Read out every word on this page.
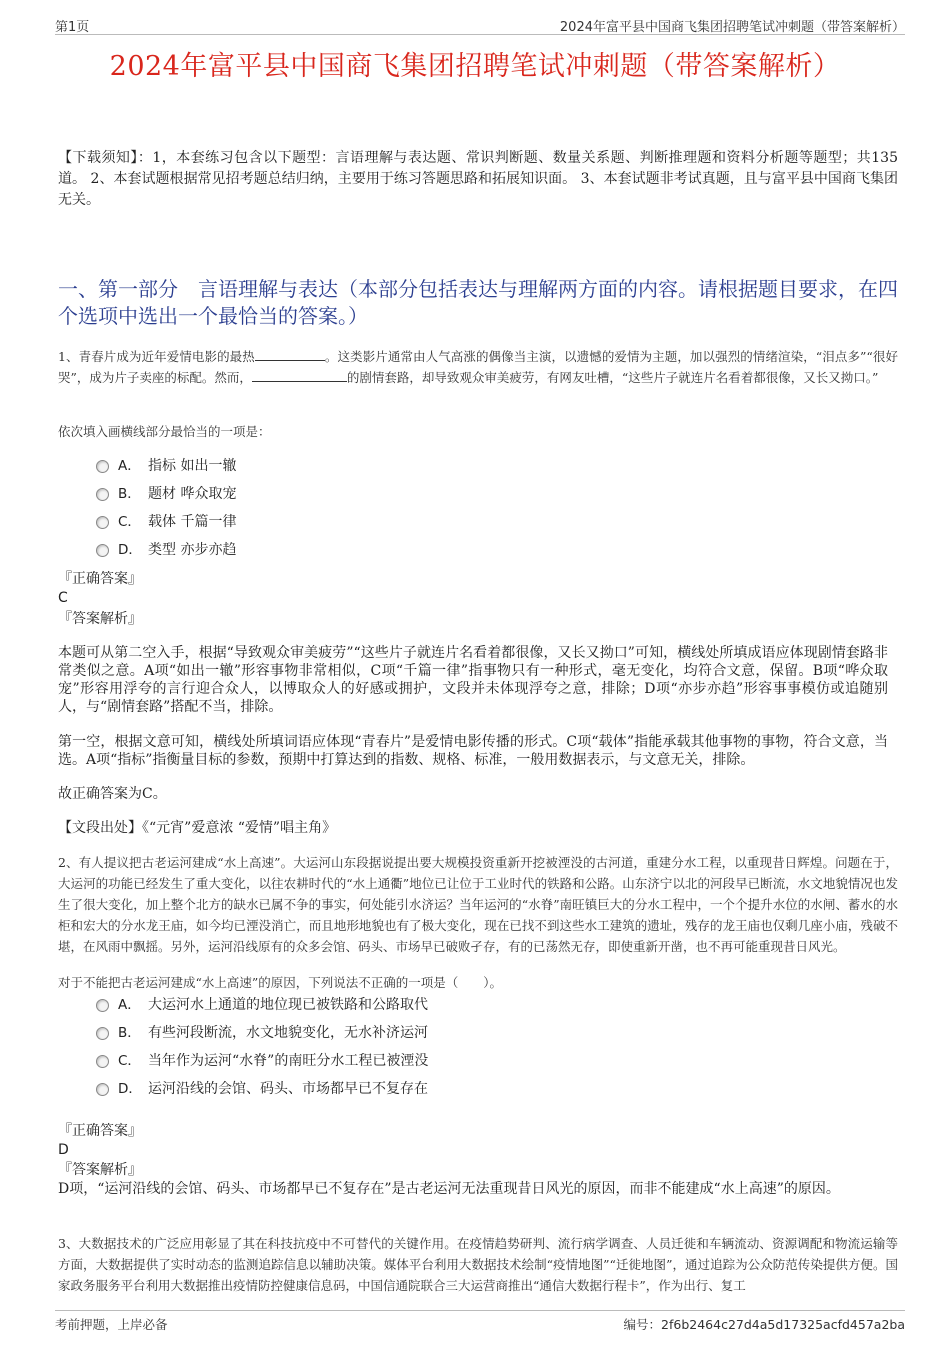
第1页	2024年富平县中国商飞集团招聘笔试冲刺题（带答案解析）
2024年富平县中国商飞集团招聘笔试冲刺题（带答案解析）
【下载须知】：1，本套练习包含以下题型：言语理解与表达题、常识判断题、数量关系题、判断推理题和资料分析题等题型；共135道。 2、本套试题根据常见招考题总结归纳，主要用于练习答题思路和拓展知识面。 3、本套试题非考试真题，且与富平县中国商飞集团无关。
一、第一部分　言语理解与表达（本部分包括表达与理解两方面的内容。请根据题目要求，在四个选项中选出一个最恰当的答案。）
1、青春片成为近年爱情电影的最热	。这类影片通常由人气高涨的偶像当主演，以遗憾的爱情为主题，加以强烈的情绪渲染，“泪点多”“很好哭”，成为片子卖座的标配。然而，	的剧情套路，却导致观众审美疲劳，有网友吐槽，“这些片子就连片名看着都很像，又长又拗口。”
依次填入画横线部分最恰当的一项是：
A． 指标 如出一辙
B． 题材 哗众取宠
C． 载体 千篇一律
D． 类型 亦步亦趋
『正确答案』
C
『答案解析』
本题可从第二空入手，根据“导致观众审美疲劳”“这些片子就连片名看着都很像，又长又拗口”可知，横线处所填成语应体现剧情套路非常类似之意。A项“如出一辙”形容事物非常相似，C项“千篇一律”指事物只有一种形式，毫无变化，均符合文意，保留。B项“哗众取宠”形容用浮夸的言行迎合众人，以博取众人的好感或拥护，文段并未体现浮夸之意，排除；D项“亦步亦趋”形容事事模仿或追随别人，与“剧情套路”搭配不当，排除。
第一空，根据文意可知，横线处所填词语应体现“青春片”是爱情电影传播的形式。C项“载体”指能承载其他事物的事物，符合文意，当选。A项“指标”指衡量目标的参数，预期中打算达到的指数、规格、标准，一般用数据表示，与文意无关，排除。
故正确答案为C。
【文段出处】《“元宵”爱意浓 “爱情”唱主角》
2、有人提议把古老运河建成“水上高速”。大运河山东段据说提出要大规模投资重新开挖被湮没的古河道，重建分水工程，以重现昔日辉煌。问题在于，大运河的功能已经发生了重大变化，以往农耕时代的“水上通衢”地位已让位于工业时代的铁路和公路。山东济宁以北的河段早已断流，水文地貌情况也发生了很大变化，加上整个北方的缺水已属不争的事实，何处能引水济运？当年运河的“水脊”南旺镇巨大的分水工程中，一个个提升水位的水闸、蓄水的水柜和宏大的分水龙王庙，如今均已湮没消亡，而且地形地貌也有了极大变化，现在已找不到这些水工建筑的遗址，残存的龙王庙也仅剩几座小庙，残破不堪，在风雨中飘摇。另外，运河沿线原有的众多会馆、码头、市场早已破败孑存，有的已荡然无存，即使重新开凿，也不再可能重现昔日风光。
对于不能把古老运河建成“水上高速”的原因，下列说法不正确的一项是（　　）。
A． 大运河水上通道的地位现已被铁路和公路取代
B． 有些河段断流，水文地貌变化，无水补济运河
C． 当年作为运河“水脊”的南旺分水工程已被湮没
D． 运河沿线的会馆、码头、市场都早已不复存在
『正确答案』
D
『答案解析』
D项，“运河沿线的会馆、码头、市场都早已不复存在”是古老运河无法重现昔日风光的原因，而非不能建成“水上高速”的原因。
3、大数据技术的广泛应用彰显了其在科技抗疫中不可替代的关键作用。在疫情趋势研判、流行病学调查、人员迁徙和车辆流动、资源调配和物流运输等方面，大数据提供了实时动态的监测追踪信息以辅助决策。媒体平台利用大数据技术绘制“疫情地图”“迁徙地图”，通过追踪为公众防范传染提供方便。国家政务服务平台利用大数据推出疫情防控健康信息码，中国信通院联合三大运营商推出“通信大数据行程卡”，作为出行、复工
考前押题，上岸必备	编号：2f6b2464c27d4a5d17325acfd457a2ba
